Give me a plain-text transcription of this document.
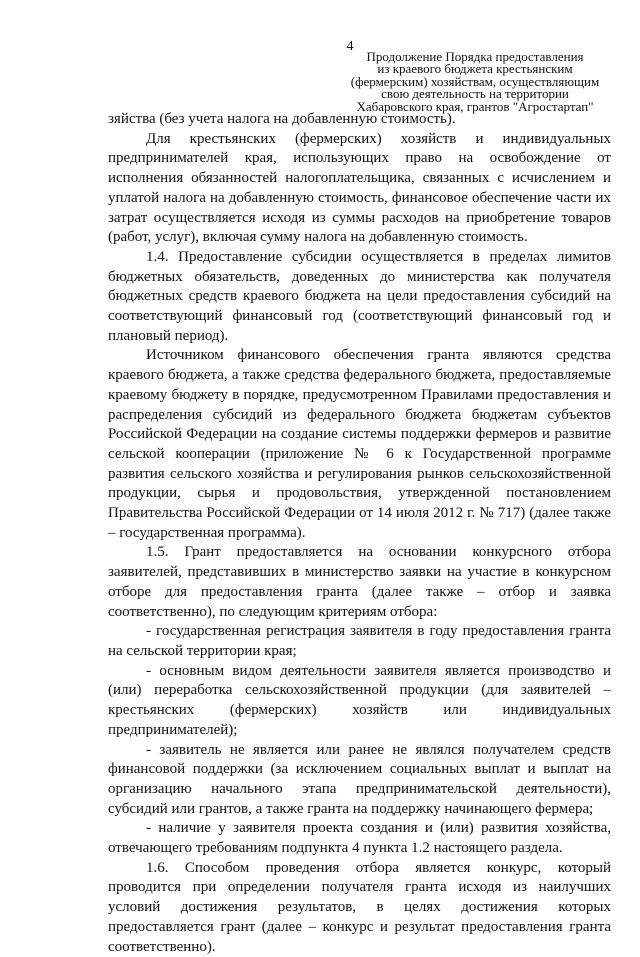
4
Продолжение Порядка предоставления
из краевого бюджета крестьянским
(фермерским) хозяйствам, осуществляющим
свою деятельность на территории
Хабаровского края, грантов "Агростартап"

зяйства (без учета налога на добавленную стоимость).

Для крестьянских (фермерских) хозяйств и индивидуальных предпринимателей края, использующих право на освобождение от исполнения обязанностей налогоплательщика, связанных с исчислением и уплатой налога на добавленную стоимость, финансовое обеспечение части их затрат осуществляется исходя из суммы расходов на приобретение товаров (работ, услуг), включая сумму налога на добавленную стоимость.

1.4. Предоставление субсидии осуществляется в пределах лимитов бюджетных обязательств, доведенных до министерства как получателя бюджетных средств краевого бюджета на цели предоставления субсидий на соответствующий финансовый год (соответствующий финансовый год и плановый период).

Источником финансового обеспечения гранта являются средства краевого бюджета, а также средства федерального бюджета, предоставляемые краевому бюджету в порядке, предусмотренном Правилами предоставления и распределения субсидий из федерального бюджета бюджетам субъектов Российской Федерации на создание системы поддержки фермеров и развитие сельской кооперации (приложение № 6 к Государственной программе развития сельского хозяйства и регулирования рынков сельскохозяйственной продукции, сырья и продовольствия, утвержденной постановлением Правительства Российской Федерации от 14 июля 2012 г. № 717) (далее также – государственная программа).

1.5. Грант предоставляется на основании конкурсного отбора заявителей, представивших в министерство заявки на участие в конкурсном отборе для предоставления гранта (далее также – отбор и заявка соответственно), по следующим критериям отбора:

- государственная регистрация заявителя в году предоставления гранта на сельской территории края;

- основным видом деятельности заявителя является производство и (или) переработка сельскохозяйственной продукции (для заявителей – крестьянских (фермерских) хозяйств или индивидуальных предпринимателей);

- заявитель не является или ранее не являлся получателем средств финансовой поддержки (за исключением социальных выплат и выплат на организацию начального этапа предпринимательской деятельности), субсидий или грантов, а также гранта на поддержку начинающего фермера;

- наличие у заявителя проекта создания и (или) развития хозяйства, отвечающего требованиям подпункта 4 пункта 1.2 настоящего раздела.

1.6. Способом проведения отбора является конкурс, который проводится при определении получателя гранта исходя из наилучших условий достижения результатов, в целях достижения которых предоставляется грант (далее – конкурс и результат предоставления гранта соответственно).
